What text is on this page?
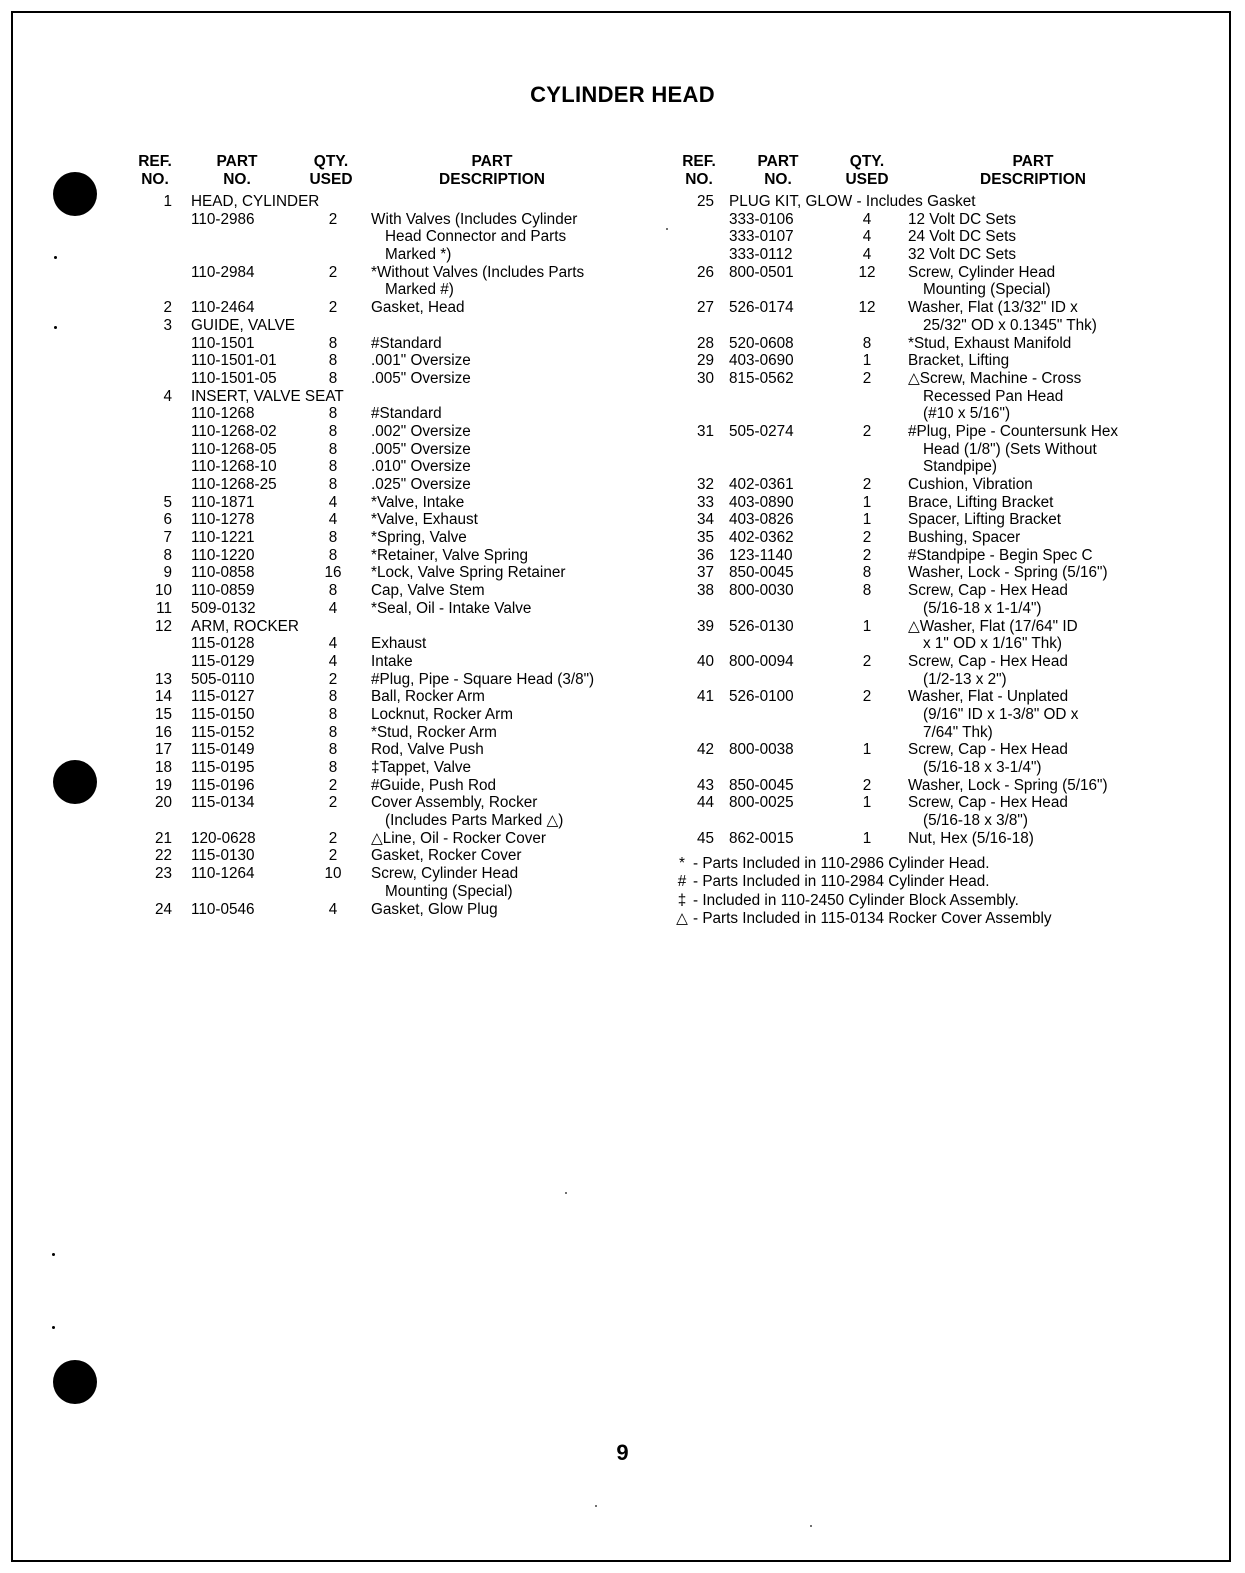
CYLINDER HEAD
REF.
NO.
PART
NO.
QTY.
USED
PART
DESCRIPTION
1 HEAD, CYLINDER
110-2986	2	With Valves (Includes Cylinder
Head Connector and Parts
Marked *)
110-2984	2	*Without Valves (Includes Parts
Marked #)
2 110-2464	2	Gasket, Head
3 GUIDE, VALVE
110-1501	8	#Standard
110-1501-01	8	.001" Oversize
110-1501-05	8	.005" Oversize
4 INSERT, VALVE SEAT
110-1268	8	#Standard
110-1268-02	8	.002" Oversize
110-1268-05	8	.005" Oversize
110-1268-10	8	.010" Oversize
110-1268-25	8	.025" Oversize
5 110-1871	4	*Valve, Intake
6 110-1278	4	*Valve, Exhaust
7 110-1221	8	*Spring, Valve
8 110-1220	8	*Retainer, Valve Spring
9 110-0858	16	*Lock, Valve Spring Retainer
10 110-0859	8	Cap, Valve Stem
11 509-0132	4	*Seal, Oil - Intake Valve
12 ARM, ROCKER
115-0128	4	Exhaust
115-0129	4	Intake
13 505-0110	2	#Plug, Pipe - Square Head (3/8")
14 115-0127	8	Ball, Rocker Arm
15 115-0150	8	Locknut, Rocker Arm
16 115-0152	8	*Stud, Rocker Arm
17 115-0149	8	Rod, Valve Push
18 115-0195	8	‡Tappet, Valve
19 115-0196	2	#Guide, Push Rod
20 115-0134	2	Cover Assembly, Rocker
(Includes Parts Marked △)
21 120-0628	2	△Line, Oil - Rocker Cover
22 115-0130	2	Gasket, Rocker Cover
23 110-1264	10	Screw, Cylinder Head
Mounting (Special)
24 110-0546	4	Gasket, Glow Plug
REF.
NO.
PART
NO.
QTY.
USED
PART
DESCRIPTION
25 PLUG KIT, GLOW - Includes Gasket
333-0106	4	12 Volt DC Sets
333-0107	4	24 Volt DC Sets
333-0112	4	32 Volt DC Sets
26 800-0501	12	Screw, Cylinder Head
Mounting (Special)
27 526-0174	12	Washer, Flat (13/32" ID x
25/32" OD x 0.1345" Thk)
28 520-0608	8	*Stud, Exhaust Manifold
29 403-0690	1	Bracket, Lifting
30 815-0562	2	△Screw, Machine - Cross
Recessed Pan Head
(#10 x 5/16")
31 505-0274	2	#Plug, Pipe - Countersunk Hex
Head (1/8") (Sets Without
Standpipe)
32 402-0361	2	Cushion, Vibration
33 403-0890	1	Brace, Lifting Bracket
34 403-0826	1	Spacer, Lifting Bracket
35 402-0362	2	Bushing, Spacer
36 123-1140	2	#Standpipe - Begin Spec C
37 850-0045	8	Washer, Lock - Spring (5/16")
38 800-0030	8	Screw, Cap - Hex Head
(5/16-18 x 1-1/4")
39 526-0130	1	△Washer, Flat (17/64" ID
x 1" OD x 1/16" Thk)
40 800-0094	2	Screw, Cap - Hex Head
(1/2-13 x 2")
41 526-0100	2	Washer, Flat - Unplated
(9/16" ID x 1-3/8" OD x
7/64" Thk)
42 800-0038	1	Screw, Cap - Hex Head
(5/16-18 x 3-1/4")
43 850-0045	2	Washer, Lock - Spring (5/16")
44 800-0025	1	Screw, Cap - Hex Head
(5/16-18 x 3/8")
45 862-0015	1	Nut, Hex (5/16-18)
* - Parts Included in 110-2986 Cylinder Head.
# - Parts Included in 110-2984 Cylinder Head.
‡ - Included in 110-2450 Cylinder Block Assembly.
△ - Parts Included in 115-0134 Rocker Cover Assembly
9
